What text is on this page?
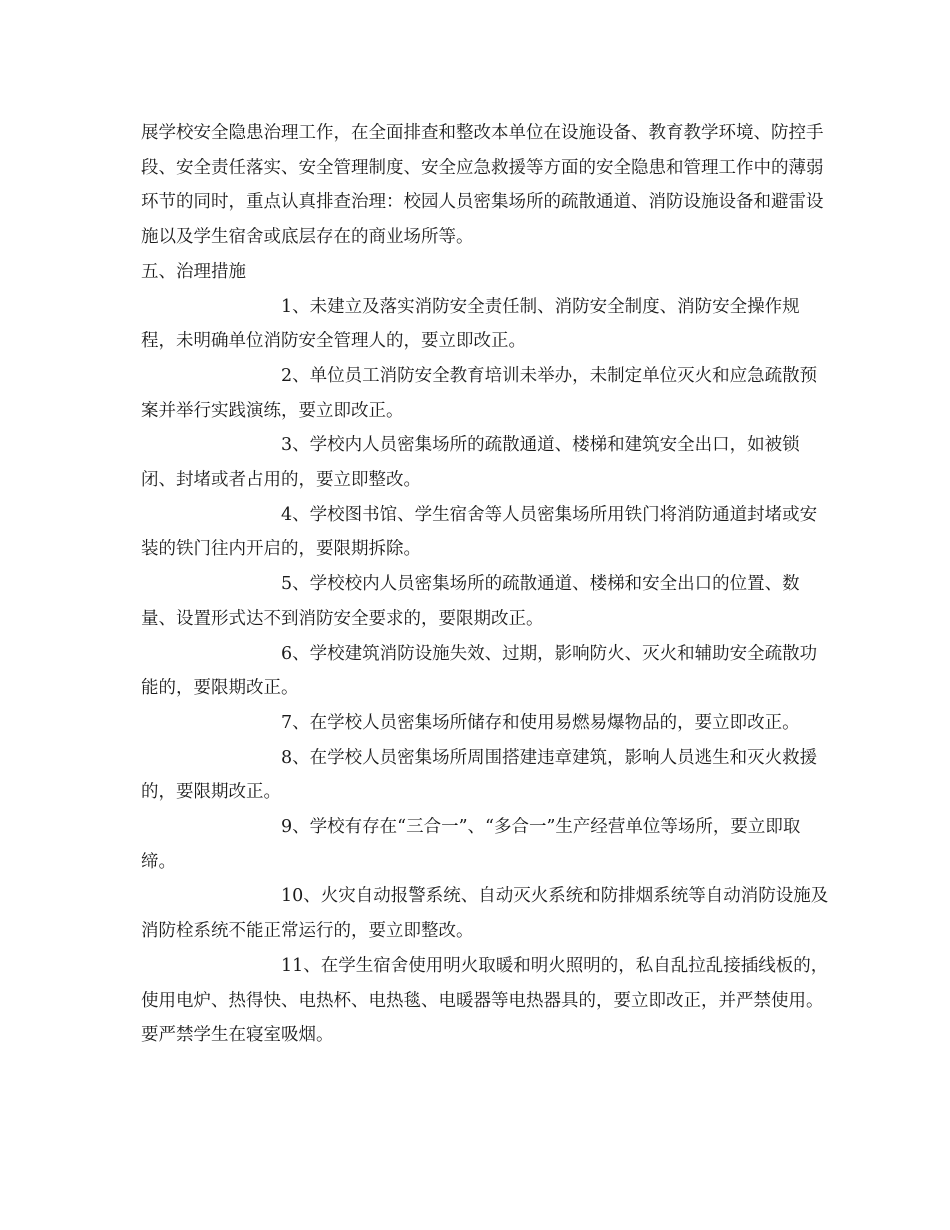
展学校安全隐患治理工作，在全面排查和整改本单位在设施设备、教育教学环境、防控手段、安全责任落实、安全管理制度、安全应急救援等方面的安全隐患和管理工作中的薄弱环节的同时，重点认真排查治理：校园人员密集场所的疏散通道、消防设施设备和避雷设施以及学生宿舍或底层存在的商业场所等。

五、治理措施

1、未建立及落实消防安全责任制、消防安全制度、消防安全操作规程，未明确单位消防安全管理人的，要立即改正。

2、单位员工消防安全教育培训未举办，未制定单位灭火和应急疏散预案并举行实践演练，要立即改正。

3、学校内人员密集场所的疏散通道、楼梯和建筑安全出口，如被锁闭、封堵或者占用的，要立即整改。

4、学校图书馆、学生宿舍等人员密集场所用铁门将消防通道封堵或安装的铁门往内开启的，要限期拆除。

5、学校校内人员密集场所的疏散通道、楼梯和安全出口的位置、数量、设置形式达不到消防安全要求的，要限期改正。

6、学校建筑消防设施失效、过期，影响防火、灭火和辅助安全疏散功能的，要限期改正。

7、在学校人员密集场所储存和使用易燃易爆物品的，要立即改正。

8、在学校人员密集场所周围搭建违章建筑，影响人员逃生和灭火救援的，要限期改正。

9、学校有存在“三合一”、“多合一”生产经营单位等场所，要立即取缔。

10、火灾自动报警系统、自动灭火系统和防排烟系统等自动消防设施及消防栓系统不能正常运行的，要立即整改。

11、在学生宿舍使用明火取暖和明火照明的，私自乱拉乱接插线板的，使用电炉、热得快、电热杯、电热毯、电暖器等电热器具的，要立即改正，并严禁使用。要严禁学生在寝室吸烟。
